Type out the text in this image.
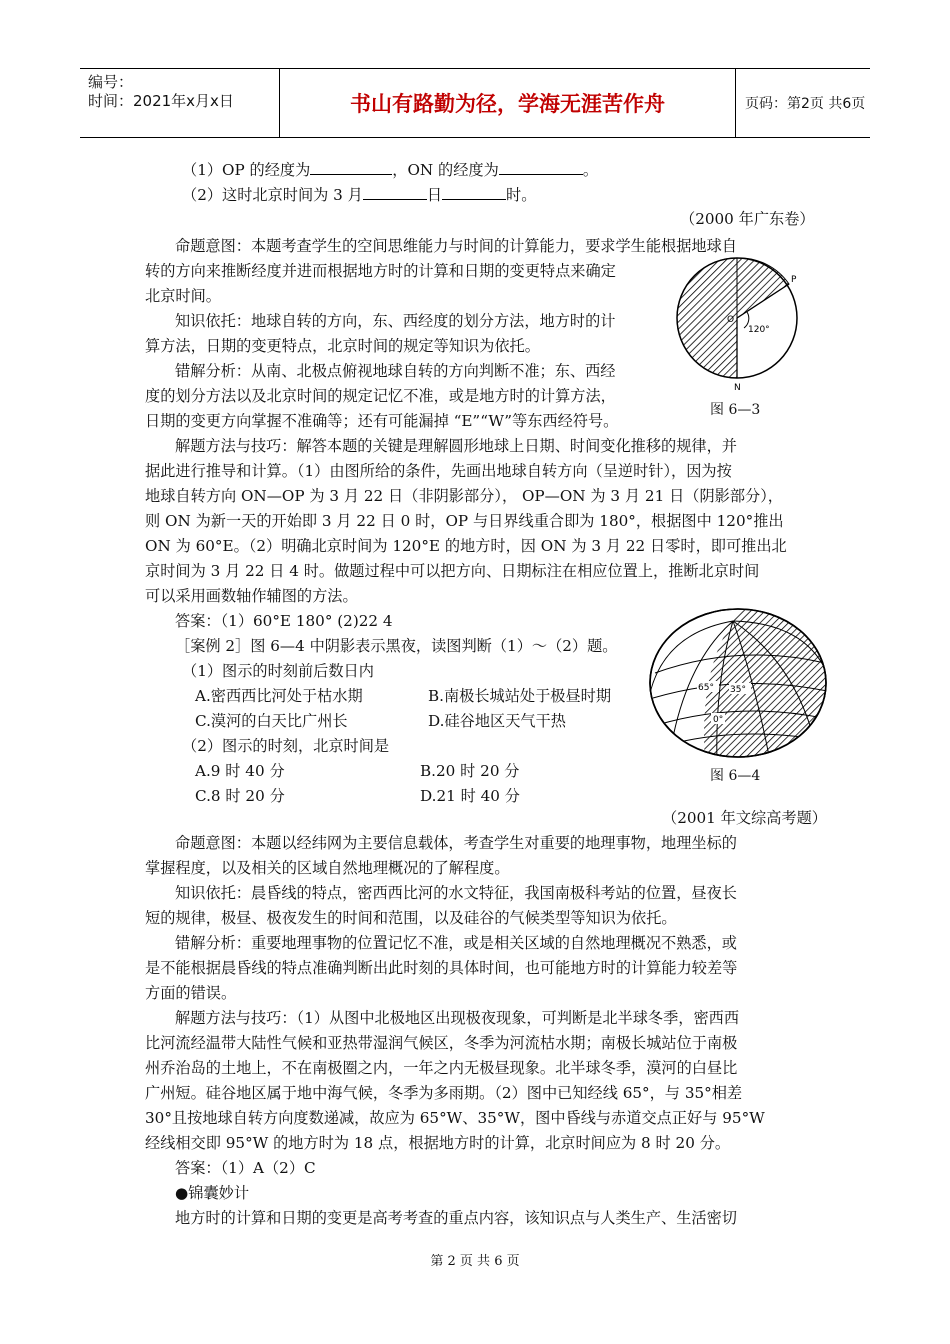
编号：
时间：2021年x月x日	书山有路勤为径，学海无涯苦作舟	页码：第2页 共6页
（1）OP 的经度为	，ON 的经度为	。
（2）这时北京时间为 3 月	日	时。
（2000 年广东卷）
命题意图：本题考查学生的空间思维能力与时间的计算能力，要求学生能根据地球自
转的方向来推断经度并进而根据地方时的计算和日期的变更特点来确定
北京时间。
知识依托：地球自转的方向，东、西经度的划分方法，地方时的计
算方法，日期的变更特点，北京时间的规定等知识为依托。
错解分析：从南、北极点俯视地球自转的方向判断不准；东、西经
度的划分方法以及北京时间的规定记忆不准，或是地方时的计算方法，
日期的变更方向掌握不准确等；还有可能漏掉 “E”“W”等东西经符号。
P
N
O
120°
图 6—3
解题方法与技巧：解答本题的关键是理解圆形地球上日期、时间变化推移的规律，并
据此进行推导和计算。（1）由图所给的条件，先画出地球自转方向（呈逆时针），因为按
地球自转方向 ON—OP 为 3 月 22 日（非阴影部分）， OP—ON 为 3 月 21 日（阴影部分），
则 ON 为新一天的开始即 3 月 22 日 0 时，OP 与日界线重合即为 180°，根据图中 120°推出
ON 为 60°E。（2）明确北京时间为 120°E 的地方时，因 ON 为 3 月 22 日零时，即可推出北
京时间为 3 月 22 日 4 时。做题过程中可以把方向、日期标注在相应位置上，推断北京时间
可以采用画数轴作辅图的方法。
答案：（1）60°E 180° (2)22 4
［案例 2］图 6—4 中阴影表示黑夜，读图判断（1）～（2）题。
（1）图示的时刻前后数日内
A.密西西比河处于枯水期	B.南极长城站处于极昼时期
C.漠河的白天比广州长	D.硅谷地区天气干热
（2）图示的时刻，北京时间是
A.9 时 40 分	B.20 时 20 分
C.8 时 20 分	D.21 时 40 分
65° 35°
0°
图 6—4
（2001 年文综高考题）
命题意图：本题以经纬网为主要信息载体，考查学生对重要的地理事物，地理坐标的
掌握程度，以及相关的区域自然地理概况的了解程度。
知识依托：晨昏线的特点，密西西比河的水文特征，我国南极科考站的位置，昼夜长
短的规律，极昼、极夜发生的时间和范围，以及硅谷的气候类型等知识为依托。
错解分析：重要地理事物的位置记忆不准，或是相关区域的自然地理概况不熟悉，或
是不能根据晨昏线的特点准确判断出此时刻的具体时间，也可能地方时的计算能力较差等
方面的错误。
解题方法与技巧：（1）从图中北极地区出现极夜现象，可判断是北半球冬季，密西西
比河流经温带大陆性气候和亚热带湿润气候区，冬季为河流枯水期；南极长城站位于南极
州乔治岛的土地上，不在南极圈之内，一年之内无极昼现象。北半球冬季，漠河的白昼比
广州短。硅谷地区属于地中海气候，冬季为多雨期。（2）图中已知经线 65°，与 35°相差
30°且按地球自转方向度数递减，故应为 65°W、35°W，图中昏线与赤道交点正好与 95°W
经线相交即 95°W 的地方时为 18 点，根据地方时的计算，北京时间应为 8 时 20 分。
答案：（1）A（2）C
●锦囊妙计
地方时的计算和日期的变更是高考考查的重点内容，该知识点与人类生产、生活密切
第 2 页 共 6 页
